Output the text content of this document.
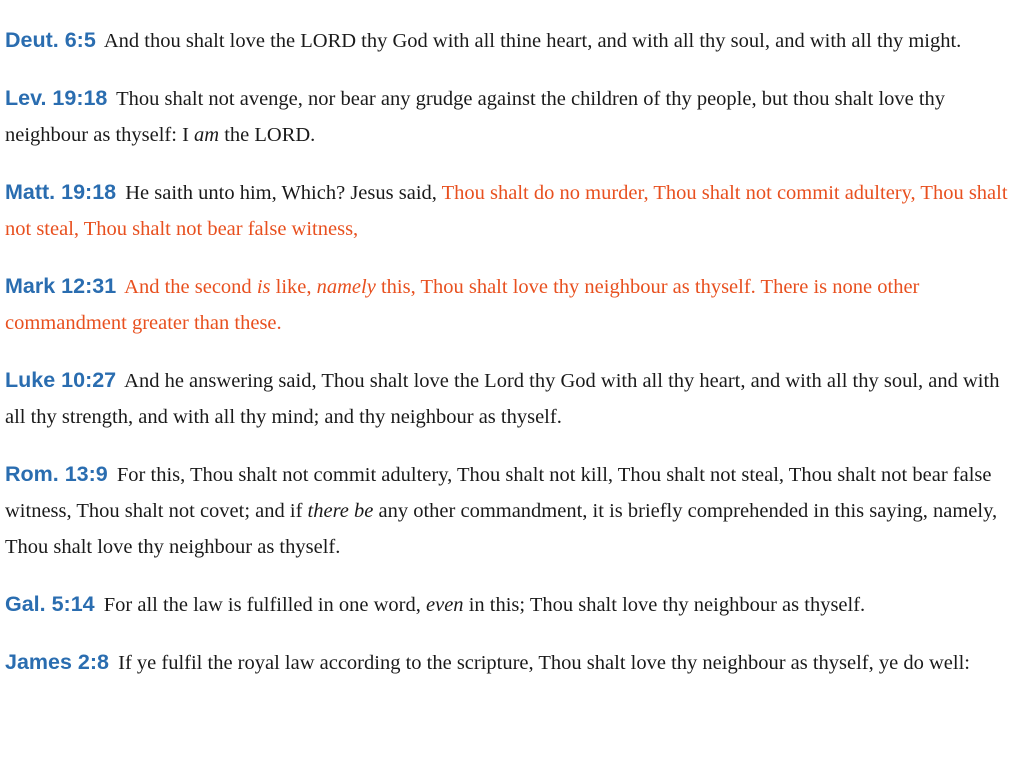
Deut. 6:5 And thou shalt love the LORD thy God with all thine heart, and with all thy soul, and with all thy might.

Lev. 19:18 Thou shalt not avenge, nor bear any grudge against the children of thy people, but thou shalt love thy neighbour as thyself: I am the LORD.

Matt. 19:18 He saith unto him, Which? Jesus said, Thou shalt do no murder, Thou shalt not commit adultery, Thou shalt not steal, Thou shalt not bear false witness,

Mark 12:31 And the second is like, namely this, Thou shalt love thy neighbour as thyself. There is none other commandment greater than these.

Luke 10:27 And he answering said, Thou shalt love the Lord thy God with all thy heart, and with all thy soul, and with all thy strength, and with all thy mind; and thy neighbour as thyself.

Rom. 13:9 For this, Thou shalt not commit adultery, Thou shalt not kill, Thou shalt not steal, Thou shalt not bear false witness, Thou shalt not covet; and if there be any other commandment, it is briefly comprehended in this saying, namely, Thou shalt love thy neighbour as thyself.

Gal. 5:14 For all the law is fulfilled in one word, even in this; Thou shalt love thy neighbour as thyself.

James 2:8 If ye fulfil the royal law according to the scripture, Thou shalt love thy neighbour as thyself, ye do well:
